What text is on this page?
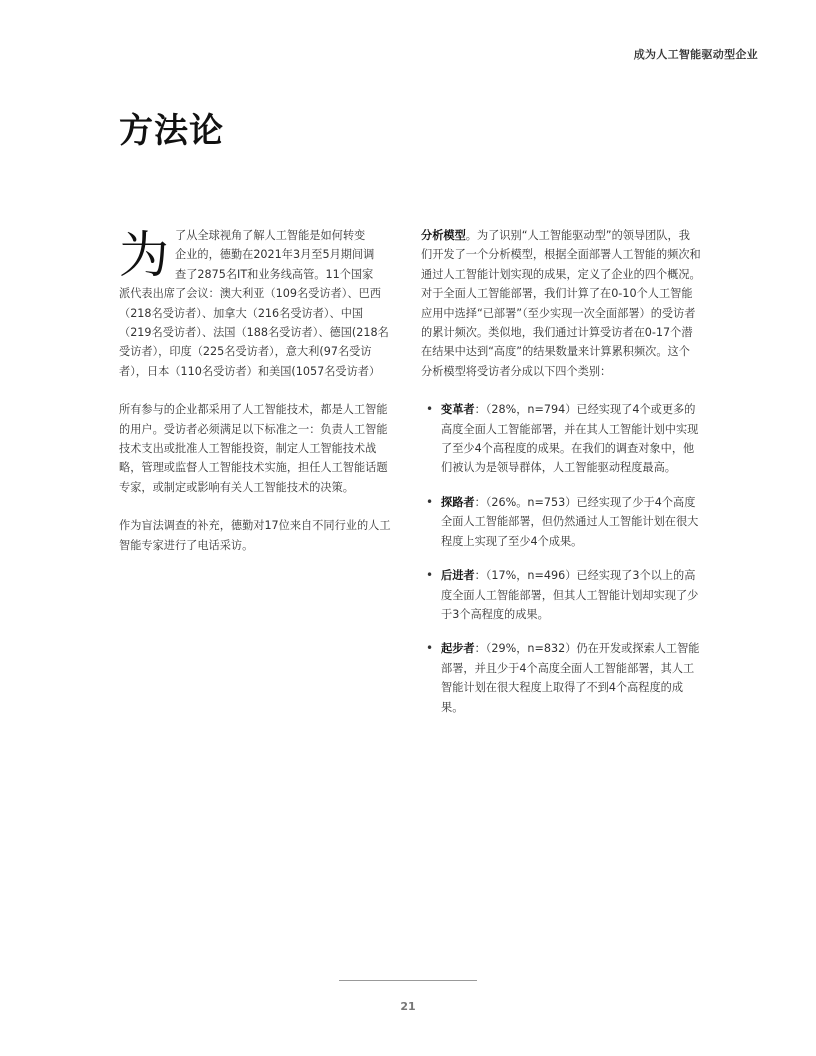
成为人工智能驱动型企业
方法论

为 了从全球视角了解人工智能是如何转变
企业的，德勤在2021年3月至5月期间调
查了2875名IT和业务线高管。11个国家
派代表出席了会议：澳大利亚（109名受访者）、巴西（218名受访者）、加拿大（216名受访者）、中国（219名受访者）、法国（188名受访者）、德国(218名受访者），印度（225名受访者），意大利(97名受访者），日本（110名受访者）和美国(1057名受访者）

所有参与的企业都采用了人工智能技术，都是人工智能的用户。受访者必须满足以下标准之一：负责人工智能技术支出或批准人工智能投资，制定人工智能技术战略，管理或监督人工智能技术实施，担任人工智能话题专家，或制定或影响有关人工智能技术的决策。

作为盲法调查的补充，德勤对17位来自不同行业的人工智能专家进行了电话采访。

分析模型。为了识别“人工智能驱动型”的领导团队，我们开发了一个分析模型，根据全面部署人工智能的频次和通过人工智能计划实现的成果，定义了企业的四个概况。对于全面人工智能部署，我们计算了在0-10个人工智能应用中选择“已部署”（至少实现一次全面部署）的受访者的累计频次。类似地，我们通过计算受访者在0-17个潜在结果中达到“高度”的结果数量来计算累积频次。这个分析模型将受访者分成以下四个类别：

• 变革者：（28%，n=794）已经实现了4个或更多的高度全面人工智能部署，并在其人工智能计划中实现了至少4个高程度的成果。在我们的调查对象中，他们被认为是领导群体，人工智能驱动程度最高。
• 探路者：（26%。n=753）已经实现了少于4个高度全面人工智能部署，但仍然通过人工智能计划在很大程度上实现了至少4个成果。
• 后进者：（17%，n=496）已经实现了3个以上的高度全面人工智能部署，但其人工智能计划却实现了少于3个高程度的成果。
• 起步者：（29%，n=832）仍在开发或探索人工智能部署，并且少于4个高度全面人工智能部署，其人工智能计划在很大程度上取得了不到4个高程度的成果。
21
